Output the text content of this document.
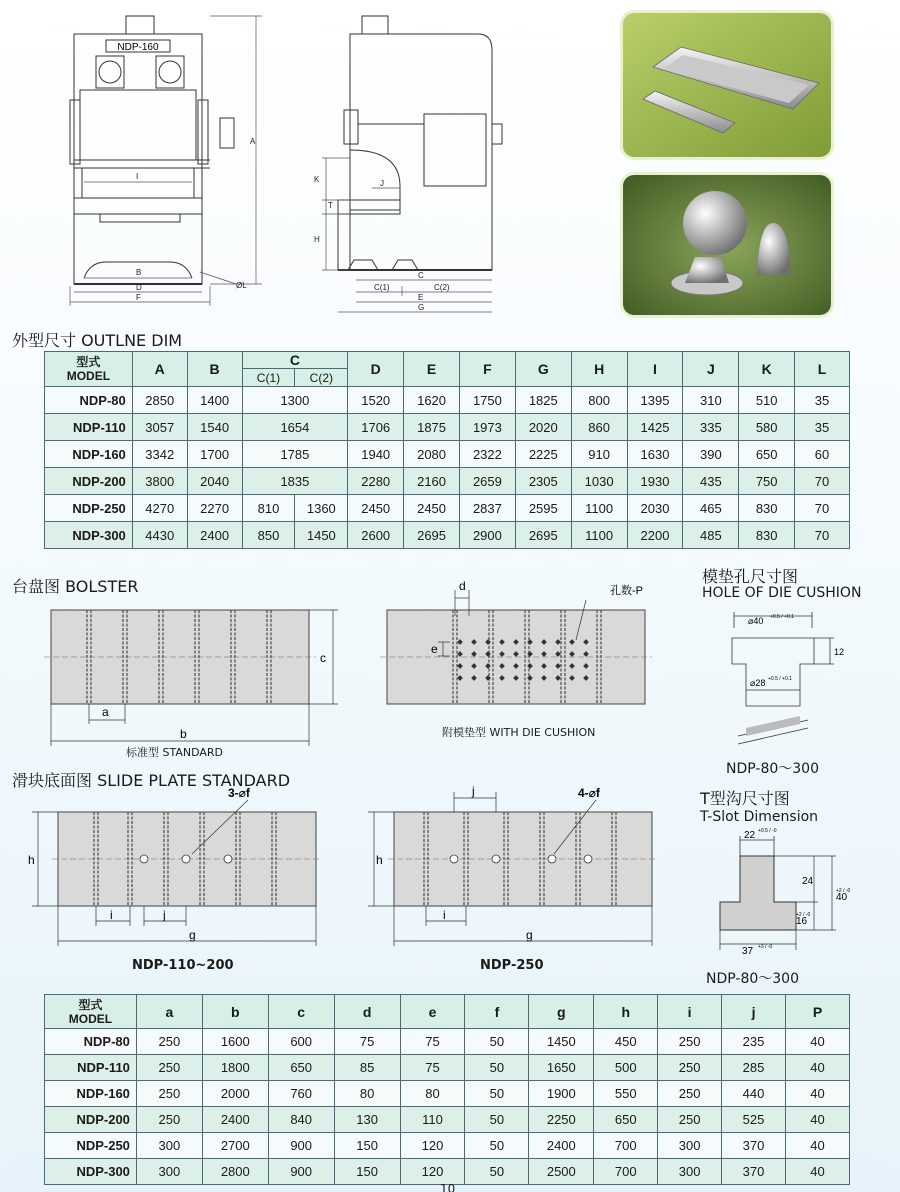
NDP-160
A
I
B
D
F
ØL
K
T
H
J
C
C(1)	C(2)
E
G
外型尺寸 OUTLNE DIM
型式
MODEL	A	B	C		D	E	F	G	H	I	J	K	L
			C(1)	C(2)									
NDP-80	2850	1400	1300		1520	1620	1750	1825	800	1395	310	510	35
NDP-110	3057	1540	1654		1706	1875	1973	2020	860	1425	335	580	35
NDP-160	3342	1700	1785		1940	2080	2322	2225	910	1630	390	650	60
NDP-200	3800	2040	1835		2280	2160	2659	2305	1030	1930	435	750	70
NDP-250	4270	2270	810	1360	2450	2450	2837	2595	1100	2030	465	830	70
NDP-300	4430	2400	850	1450	2600	2695	2900	2695	1100	2200	485	830	70
台盘图 BOLSTER
a
b
c
标准型 STANDARD
d
e
孔数-P
附模垫型 WITH DIE CUSHION
模垫孔尺寸图
HOLE OF DIE CUSHION
⌀40 +0.5 / +0.1
12
⌀28 +0.5 / +0.1
NDP-80～300
滑块底面图 SLIDE PLATE STANDARD
h
i	j
g
3-⌀f
NDP-110~200
h
j
i
g
4-⌀f
NDP-250
T型沟尺寸图
T-Slot Dimension
22 +0.5 / -0
24
40
+2 / -0
16
+2 / -0
37 +3 / -0
NDP-80～300
型式
MODEL	a	b	c	d	e	f	g	h	i	j	P
NDP-80	250	1600	600	75	75	50	1450	450	250	235	40
NDP-110	250	1800	650	85	75	50	1650	500	250	285	40
NDP-160	250	2000	760	80	80	50	1900	550	250	440	40
NDP-200	250	2400	840	130	110	50	2250	650	250	525	40
NDP-250	300	2700	900	150	120	50	2400	700	300	370	40
NDP-300	300	2800	900	150	120	50	2500	700	300	370	40
10
